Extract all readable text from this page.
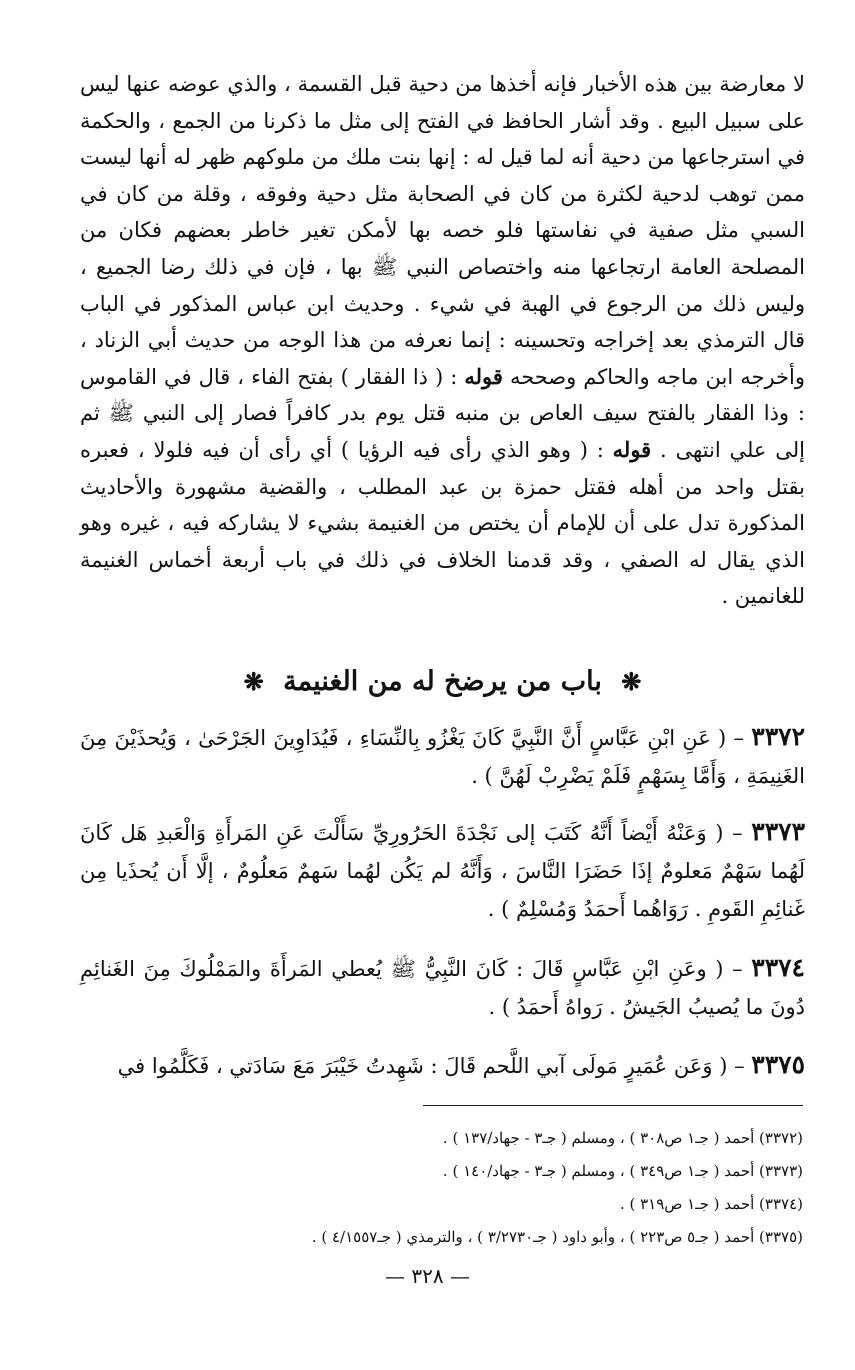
لا معارضة بين هذه الأخبار فإنه أخذها من دحية قبل القسمة ، والذي عوضه عنها ليس على سبيل البيع . وقد أشار الحافظ في الفتح إلى مثل ما ذكرنا من الجمع ، والحكمة في استرجاعها من دحية أنه لما قيل له : إنها بنت ملك من ملوكهم ظهر له أنها ليست ممن توهب لدحية لكثرة من كان في الصحابة مثل دحية وفوقه ، وقلة من كان في السبي مثل صفية في نفاستها فلو خصه بها لأمكن تغير خاطر بعضهم فكان من المصلحة العامة ارتجاعها منه واختصاص النبي ﷺ بها ، فإن في ذلك رضا الجميع ، وليس ذلك من الرجوع في الهبة في شيء . وحديث ابن عباس المذكور في الباب قال الترمذي بعد إخراجه وتحسينه : إنما نعرفه من هذا الوجه من حديث أبي الزناد ، وأخرجه ابن ماجه والحاكم وصححه قوله : ( ذا الفقار ) بفتح الفاء ، قال في القاموس : وذا الفقار بالفتح سيف العاص بن منبه قتل يوم بدر كافراً فصار إلى النبي ﷺ ثم إلى علي انتهى . قوله : ( وهو الذي رأى فيه الرؤيا ) أي رأى أن فيه فلولا ، فعبره بقتل واحد من أهله فقتل حمزة بن عبد المطلب ، والقضية مشهورة والأحاديث المذكورة تدل على أن للإمام أن يختص من الغنيمة بشيء لا يشاركه فيه ، غيره وهو الذي يقال له الصفي ، وقد قدمنا الخلاف في ذلك في باب أربعة أخماس الغنيمة للغانمين .

❋ باب من يرضخ له من الغنيمة ❋

٣٣٧٢ – ( عَنِ ابْنِ عَبَّاسٍ أَنَّ النَّبِيَّ كَانَ يَغْزُو بِالنِّسَاءِ ، فَيُدَاوِينَ الجَرْحَىٰ ، وَيُحذَيْنَ مِنَ الغَنِيمَةِ ، وَأَمَّا بِسَهْمٍ فَلَمْ يَضْرِبْ لَهُنَّ ) .

٣٣٧٣ – ( وَعَنْهُ أَيْضاً أَنَّهُ كَتَبَ إلى نَجْدَةَ الحَرُورِيِّ سَأَلْتَ عَنِ المَرأَةِ وَالْعَبدِ هَل كَانَ لَهُما سَهْمٌ مَعلومٌ إذَا حَضَرَا النَّاسَ ، وَأَنَّهُ لم يَكُن لهُما سَهمٌ مَعلُومٌ ، إلَّا أَن يُحذَيا مِن غَنائِمِ القَومِ . رَوَاهُما أَحمَدُ وَمُسْلِمٌ ) .

٣٣٧٤ – ( وعَنِ ابْنِ عَبَّاسٍ قَالَ : كَانَ النَّبِيُّ ﷺ يُعطي المَرأَةَ والمَمْلُوكَ مِنَ الغَنائِمِ دُونَ ما يُصيبُ الجَيشُ . رَواهُ أَحمَدُ ) .

٣٣٧٥ – ( وَعَن عُمَيرٍ مَولَى آبي اللَّحم قَالَ : شَهِدتُ خَيْبَرَ مَعَ سَادَتي ، فَكَلَّمُوا في

(٣٣٧٢) أحمد ( جـ١ ص٣٠٨ ) ، ومسلم ( جـ٣ - جهاد/١٣٧ ) .
(٣٣٧٣) أحمد ( جـ١ ص٣٤٩ ) ، ومسلم ( جـ٣ - جهاد/١٤٠ ) .
(٣٣٧٤) أحمد ( جـ١ ص٣١٩ ) .
(٣٣٧٥) أحمد ( جـ٥ ص٢٢٣ ) ، وأبو داود ( جـ٣/٢٧٣٠ ) ، والترمذي ( جـ٤/١٥٥٧ ) .
— ٣٢٨ —
